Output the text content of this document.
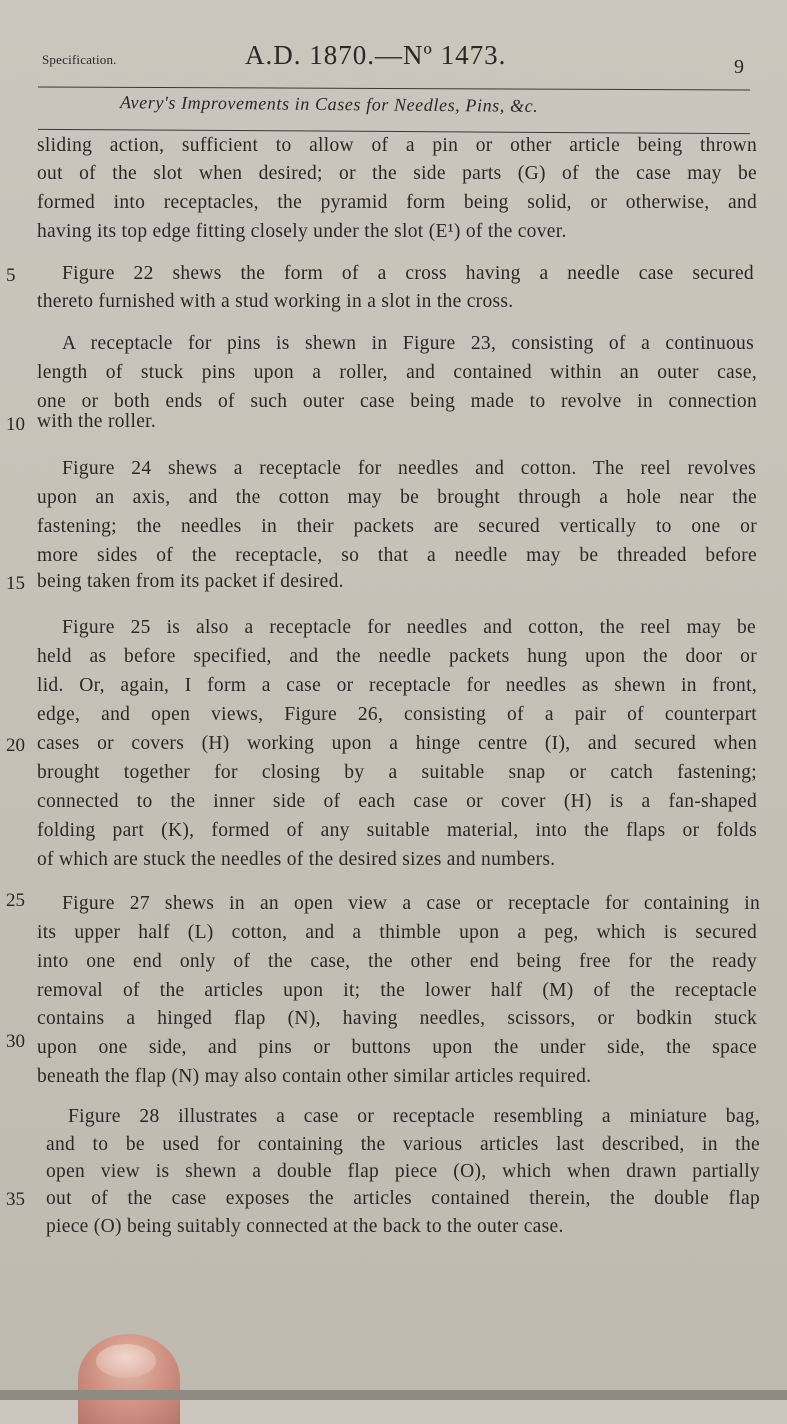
Specification.	A.D. 1870.—Nº 1473.	9
Avery's Improvements in Cases for Needles, Pins, &c.
sliding action, sufficient to allow of a pin or other article being thrown
out of the slot when desired; or the side parts (G) of the case may be
formed into receptacles, the pyramid form being solid, or otherwise, and
having its top edge fitting closely under the slot (E¹) of the cover.
5	Figure 22 shews the form of a cross having a needle case secured
thereto furnished with a stud working in a slot in the cross.
A receptacle for pins is shewn in Figure 23, consisting of a continuous
length of stuck pins upon a roller, and contained within an outer case,
one or both ends of such outer case being made to revolve in connection
10 with the roller.
Figure 24 shews a receptacle for needles and cotton. The reel revolves
upon an axis, and the cotton may be brought through a hole near the
fastening; the needles in their packets are secured vertically to one or
more sides of the receptacle, so that a needle may be threaded before
15 being taken from its packet if desired.
Figure 25 is also a receptacle for needles and cotton, the reel may be
held as before specified, and the needle packets hung upon the door or
lid. Or, again, I form a case or receptacle for needles as shewn in front,
edge, and open views, Figure 26, consisting of a pair of counterpart
20 cases or covers (H) working upon a hinge centre (I), and secured when
brought together for closing by a suitable snap or catch fastening;
connected to the inner side of each case or cover (H) is a fan-shaped
folding part (K), formed of any suitable material, into the flaps or folds
of which are stuck the needles of the desired sizes and numbers.
25	Figure 27 shews in an open view a case or receptacle for containing in
its upper half (L) cotton, and a thimble upon a peg, which is secured
into one end only of the case, the other end being free for the ready
removal of the articles upon it; the lower half (M) of the receptacle
contains a hinged flap (N), having needles, scissors, or bodkin stuck
30 upon one side, and pins or buttons upon the under side, the space
beneath the flap (N) may also contain other similar articles required.
Figure 28 illustrates a case or receptacle resembling a miniature bag,
and to be used for containing the various articles last described, in the
open view is shewn a double flap piece (O), which when drawn partially
35	out of the case exposes the articles contained therein, the double flap
piece (O) being suitably connected at the back to the outer case.
